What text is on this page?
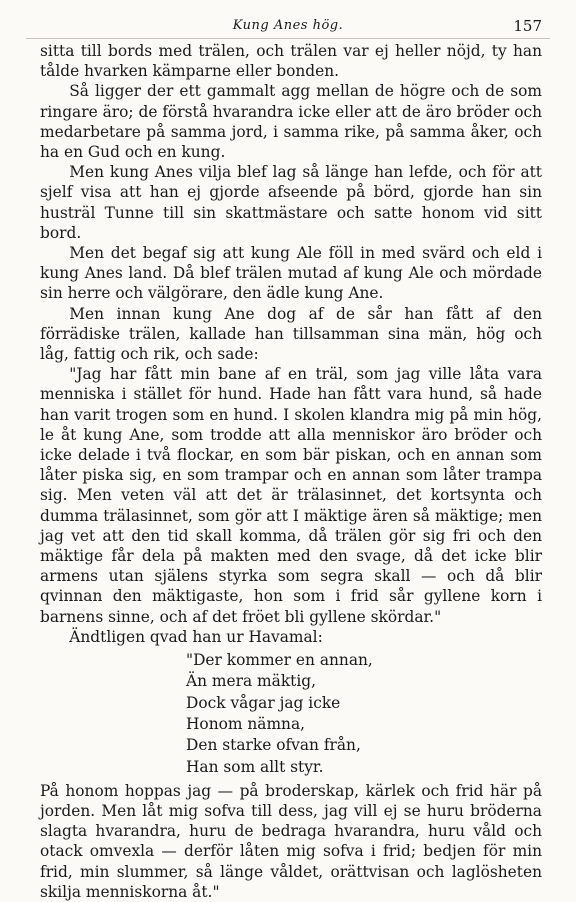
Kung Anes hög.	157

sitta till bords med trälen, och trälen var ej heller nöjd, ty han tålde hvarken kämparne eller bonden.

Så ligger der ett gammalt agg mellan de högre och de som ringare äro; de förstå hvarandra icke eller att de äro bröder och medarbetare på samma jord, i samma rike, på samma åker, och ha en Gud och en kung.

Men kung Anes vilja blef lag så länge han lefde, och för att sjelf visa att han ej gjorde afseende på börd, gjorde han sin husträl Tunne till sin skattmästare och satte honom vid sitt bord.

Men det begaf sig att kung Ale föll in med svärd och eld i kung Anes land. Då blef trälen mutad af kung Ale och mördade sin herre och välgörare, den ädle kung Ane.

Men innan kung Ane dog af de sår han fått af den förrädiske trälen, kallade han tillsamman sina män, hög och låg, fattig och rik, och sade:

"Jag har fått min bane af en träl, som jag ville låta vara menniska i stället för hund. Hade han fått vara hund, så hade han varit trogen som en hund. I skolen klandra mig på min hög, le åt kung Ane, som trodde att alla menniskor äro bröder och icke delade i två flockar, en som bär piskan, och en annan som låter piska sig, en som trampar och en annan som låter trampa sig. Men veten väl att det är trälasinnet, det kortsynta och dumma trälasinnet, som gör att I mäktige ären så mäktige; men jag vet att den tid skall komma, då trälen gör sig fri och den mäktige får dela på makten med den svage, då det icke blir armens utan själens styrka som segra skall — och då blir qvinnan den mäktigaste, hon som i frid sår gyllene korn i barnens sinne, och af det fröet bli gyllene skördar."

Ändtligen qvad han ur Havamal:

"Der kommer en annan,
Än mera mäktig,
Dock vågar jag icke
Honom nämna,
Den starke ofvan från,
Han som allt styr.

På honom hoppas jag — på broderskap, kärlek och frid här på jorden. Men låt mig sofva till dess, jag vill ej se huru bröderna slagta hvarandra, huru de bedraga hvarandra, huru våld och otack omvexla — derför låten mig sofva i frid; bedjen för min frid, min slummer, så länge våldet, orättvisan och laglösheten skilja menniskorna åt."
